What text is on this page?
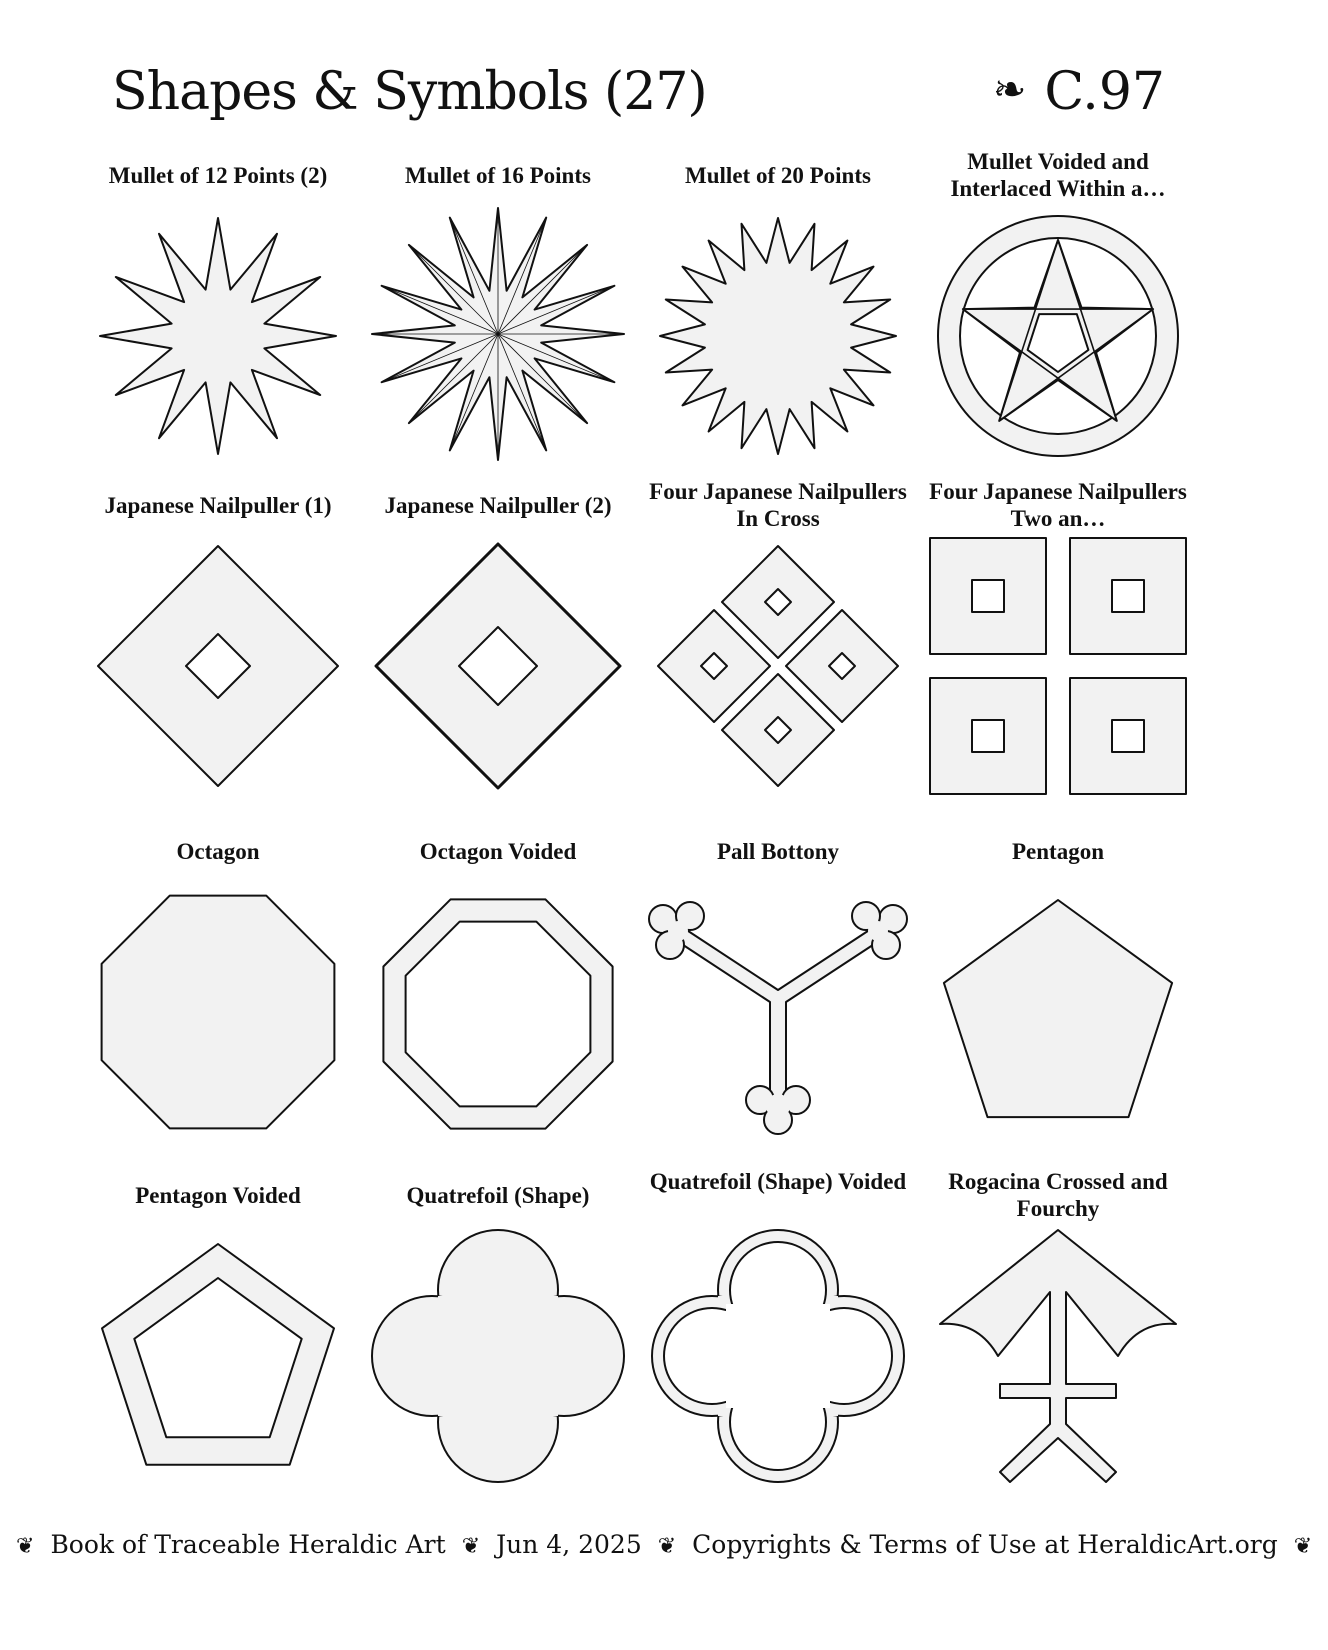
Shapes & Symbols (27)	❧ C.97
Mullet of 12 Points (2)	Mullet of 16 Points	Mullet of 20 Points
Mullet Voided and Interlaced Within a…
Japanese Nailpuller (1)	Japanese Nailpuller (2)
Four Japanese Nailpullers In Cross
Four Japanese Nailpullers Two an…
Octagon	Octagon Voided	Pall Bottony	Pentagon
Pentagon Voided	Quatrefoil (Shape)
Quatrefoil (Shape) Voided	Rogacina Crossed and Fourchy
❦ Book of Traceable Heraldic Art ❦ Jun 4, 2025 ❦ Copyrights & Terms of Use at HeraldicArt.org ❦
